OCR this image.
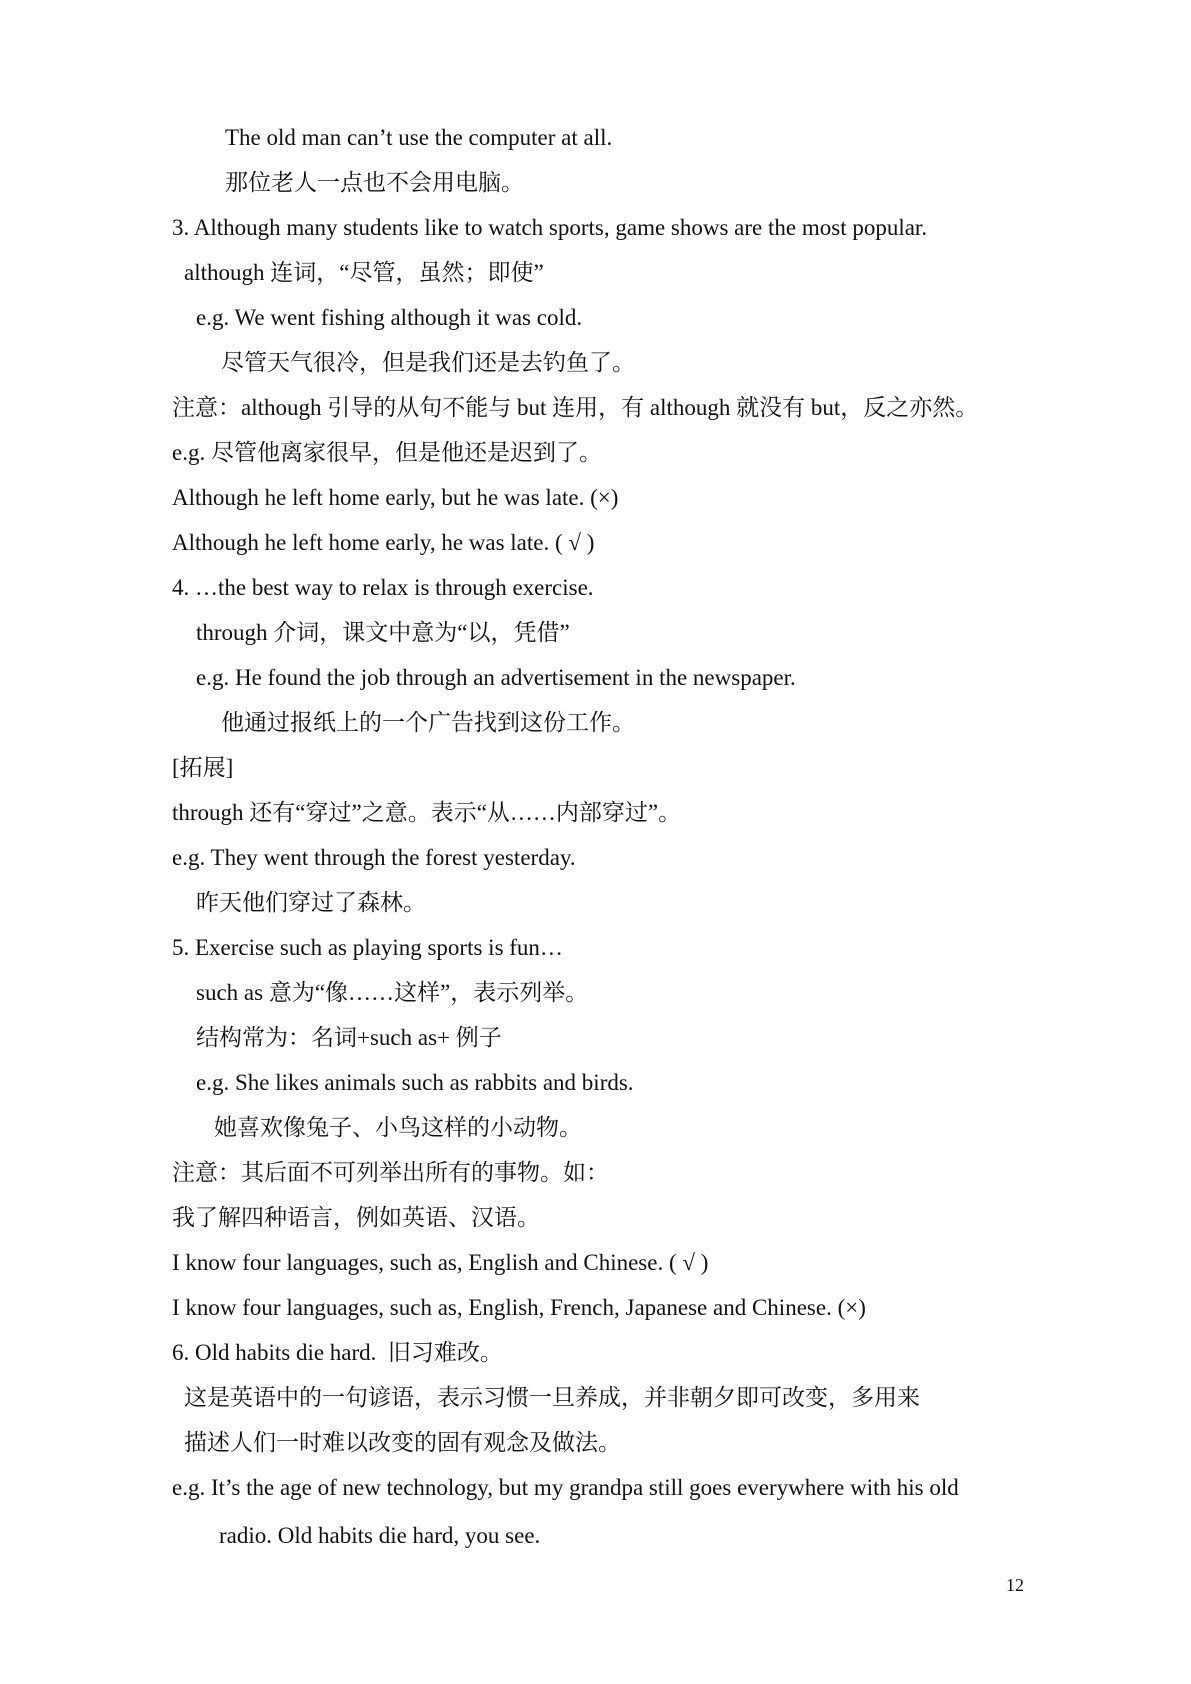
The old man can’t use the computer at all.
那位老人一点也不会用电脑。
3. Although many students like to watch sports, game shows are the most popular.
although 连词，“尽管，虽然；即使”
e.g. We went fishing although it was cold.
尽管天气很冷，但是我们还是去钓鱼了。
注意：although 引导的从句不能与 but 连用，有 although 就没有 but，反之亦然。
e.g. 尽管他离家很早，但是他还是迟到了。
Although he left home early, but he was late. (×)
Although he left home early, he was late. ( √ )
4. …the best way to relax is through exercise.
through 介词，课文中意为“以，凭借”
e.g. He found the job through an advertisement in the newspaper.
他通过报纸上的一个广告找到这份工作。
[拓展]
through 还有“穿过”之意。表示“从……内部穿过”。
e.g. They went through the forest yesterday.
昨天他们穿过了森林。
5. Exercise such as playing sports is fun…
such as 意为“像……这样”，表示列举。
结构常为：名词+such as+ 例子
e.g. She likes animals such as rabbits and birds.
她喜欢像兔子、小鸟这样的小动物。
注意：其后面不可列举出所有的事物。如：
我了解四种语言，例如英语、汉语。
I know four languages, such as, English and Chinese. ( √ )
I know four languages, such as, English, French, Japanese and Chinese. (×)
6. Old habits die hard.  旧习难改。
这是英语中的一句谚语，表示习惯一旦养成，并非朝夕即可改变，多用来
描述人们一时难以改变的固有观念及做法。
e.g. It’s the age of new technology, but my grandpa still goes everywhere with his old
radio. Old habits die hard, you see.
12
